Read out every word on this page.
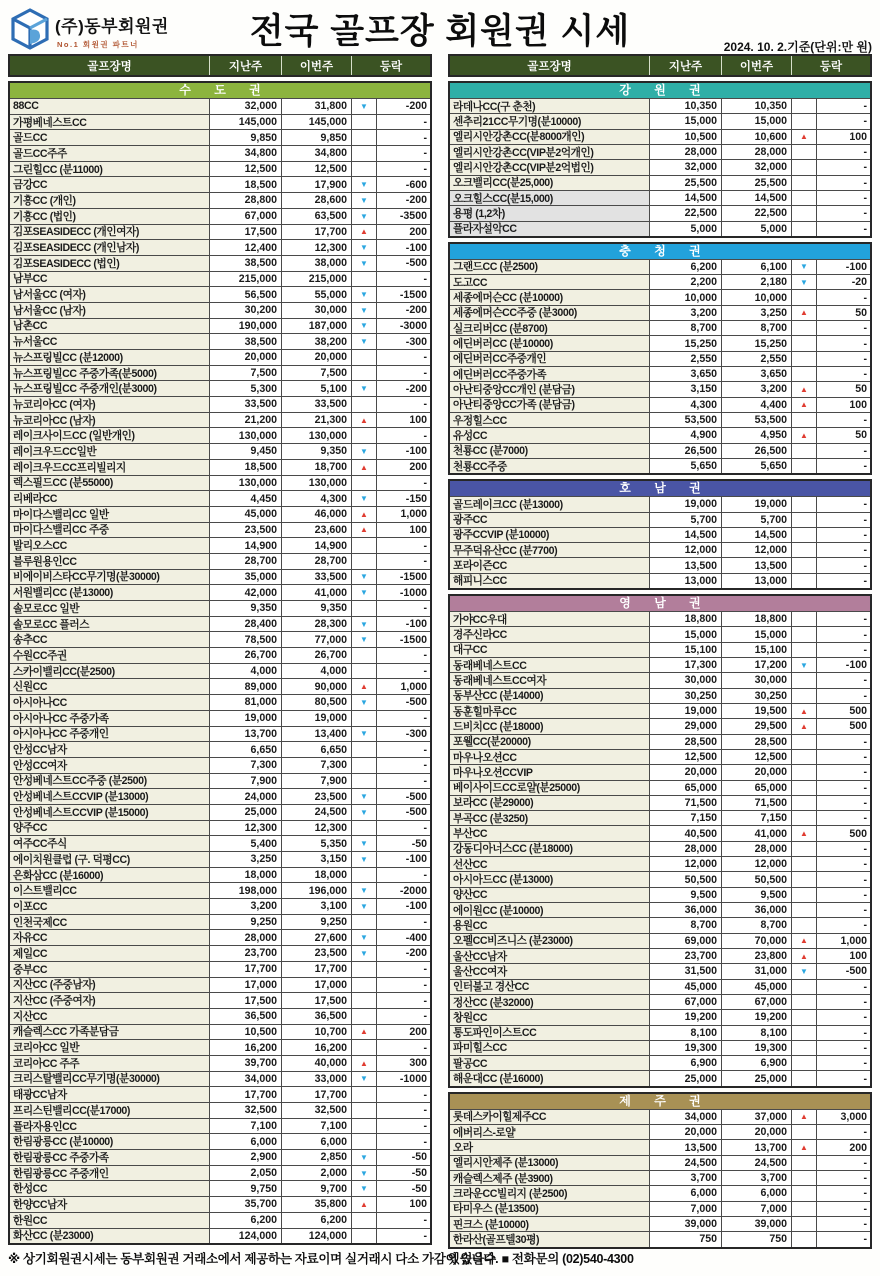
(주)동부회원권
No.1 회원권 파트너	전국 골프장 회원권 시세	2024. 10. 2.기준(단위:만 원)
골프장명	지난주	이번주	등락
수 도 권
88CC	32,000	31,800	▼	-200
가평베네스트CC	145,000	145,000	-
골드CC	9,850	9,850	-
골드CC주주	34,800	34,800	-
그린힐CC (분11000)	12,500	12,500	-
금강CC	18,500	17,900	▼	-600
기흥CC (개인)	28,800	28,600	▼	-200
기흥CC (법인)	67,000	63,500	▼	-3500
김포SEASIDECC (개인여자)	17,500	17,700	▲	200
김포SEASIDECC (개인남자)	12,400	12,300	▼	-100
김포SEASIDECC (법인)	38,500	38,000	▼	-500
남부CC	215,000	215,000	-
남서울CC (여자)	56,500	55,000	▼	-1500
남서울CC (남자)	30,200	30,000	▼	-200
남촌CC	190,000	187,000	▼	-3000
뉴서울CC	38,500	38,200	▼	-300
뉴스프링빌CC (분12000)	20,000	20,000	-
뉴스프링빌CC 주중가족(분5000)	7,500	7,500	-
뉴스프링빌CC 주중개인(분3000)	5,300	5,100	▼	-200
뉴코리아CC (여자)	33,500	33,500	-
뉴코리아CC (남자)	21,200	21,300	▲	100
레이크사이드CC (일반개인)	130,000	130,000	-
레이크우드CC일반	9,450	9,350	▼	-100
레이크우드CC프리빌리지	18,500	18,700	▲	200
렉스필드CC (분55000)	130,000	130,000	-
리베라CC	4,450	4,300	▼	-150
마이다스밸리CC 일반	45,000	46,000	▲	1,000
마이다스밸리CC 주중	23,500	23,600	▲	100
발리오스CC	14,900	14,900	-
블루원용인CC	28,700	28,700	-
비에이비스타CC무기명(분30000)	35,000	33,500	▼	-1500
서원밸리CC (분13000)	42,000	41,000	▼	-1000
솔모로CC 일반	9,350	9,350	-
솔모로CC 플러스	28,400	28,300	▼	-100
송추CC	78,500	77,000	▼	-1500
수원CC주권	26,700	26,700	-
스카이밸리CC(분2500)	4,000	4,000	-
신원CC	89,000	90,000	▲	1,000
아시아나CC	81,000	80,500	▼	-500
아시아나CC 주중가족	19,000	19,000	-
아시아나CC 주중개인	13,700	13,400	▼	-300
안성CC남자	6,650	6,650	-
안성CC여자	7,300	7,300	-
안성베네스트CC주중 (분2500)	7,900	7,900	-
안성베네스트CCVIP (분13000)	24,000	23,500	▼	-500
안성베네스트CCVIP (분15000)	25,000	24,500	▼	-500
양주CC	12,300	12,300	-
여주CC주식	5,400	5,350	▼	-50
에이치원클럽 (구. 덕평CC)	3,250	3,150	▼	-100
은화삼CC (분16000)	18,000	18,000	-
이스트밸리CC	198,000	196,000	▼	-2000
이포CC	3,200	3,100	▼	-100
인천국제CC	9,250	9,250	-
자유CC	28,000	27,600	▼	-400
제일CC	23,700	23,500	▼	-200
중부CC	17,700	17,700	-
지산CC (주중남자)	17,000	17,000	-
지산CC (주중여자)	17,500	17,500	-
지산CC	36,500	36,500	-
캐슬렉스CC 가족분담금	10,500	10,700	▲	200
코리아CC 일반	16,200	16,200	-
코리아CC 주주	39,700	40,000	▲	300
크리스탈밸리CC무기명(분30000)	34,000	33,000	▼	-1000
태광CC남자	17,700	17,700	-
프리스틴밸리CC(분17000)	32,500	32,500	-
플라자용인CC	7,100	7,100	-
한림광릉CC (분10000)	6,000	6,000	-
한림광릉CC 주중가족	2,900	2,850	▼	-50
한림광릉CC 주중개인	2,050	2,000	▼	-50
한성CC	9,750	9,700	▼	-50
한양CC남자	35,700	35,800	▲	100
한원CC	6,200	6,200	-
화산CC (분23000)	124,000	124,000	-
골프장명	지난주	이번주	등락
강 원 권
라데나CC(구 춘천)	10,350	10,350	-
센추리21CC무기명(분10000)	15,000	15,000	-
엘리시안강촌CC(분8000개인)	10,500	10,600	▲	100
엘리시안강촌CC(VIP분2억개인)	28,000	28,000	-
엘리시안강촌CC(VIP분2억법인)	32,000	32,000	-
오크밸리CC(분25,000)	25,500	25,500	-
오크힐스CC(분15,000)	14,500	14,500	-
용평 (1,2차)	22,500	22,500	-
플라자설악CC	5,000	5,000	-
충 청 권
그랜드CC (분2500)	6,200	6,100	▼	-100
도고CC	2,200	2,180	▼	-20
세종에머슨CC (분10000)	10,000	10,000	-
세종에머슨CC주중 (분3000)	3,200	3,250	▲	50
실크리버CC (분8700)	8,700	8,700	-
에딘버러CC (분10000)	15,250	15,250	-
에딘버러CC주중개인	2,550	2,550	-
에딘버러CC주중가족	3,650	3,650	-
아난티중앙CC개인 (분담금)	3,150	3,200	▲	50
아난티중앙CC가족 (분담금)	4,300	4,400	▲	100
우정힐스CC	53,500	53,500	-
유성CC	4,900	4,950	▲	50
천룡CC (분7000)	26,500	26,500	-
천룡CC주중	5,650	5,650	-
호 남 권
골드레이크CC (분13000)	19,000	19,000	-
광주CC	5,700	5,700	-
광주CCVIP (분10000)	14,500	14,500	-
무주덕유산CC (분7700)	12,000	12,000	-
포라이즌CC	13,500	13,500	-
해피니스CC	13,000	13,000	-
영 남 권
가야CC우대	18,800	18,800	-
경주신라CC	15,000	15,000	-
대구CC	15,100	15,100	-
동래베네스트CC	17,300	17,200	▼	-100
동래베네스트CC여자	30,000	30,000	-
동부산CC (분14000)	30,250	30,250	-
동훈힐마루CC	19,000	19,500	▲	500
드비치CC (분18000)	29,000	29,500	▲	500
포웰CC(분20000)	28,500	28,500	-
마우나오션CC	12,500	12,500	-
마우나오션CCVIP	20,000	20,000	-
베이사이드CC로얄(분25000)	65,000	65,000	-
보라CC (분29000)	71,500	71,500	-
부곡CC (분3250)	7,150	7,150	-
부산CC	40,500	41,000	▲	500
강동디아너스CC (분18000)	28,000	28,000	-
선산CC	12,000	12,000	-
아시아드CC (분13000)	50,500	50,500	-
양산CC	9,500	9,500	-
에이원CC (분10000)	36,000	36,000	-
용원CC	8,700	8,700	-
오펠CC비즈니스 (분23000)	69,000	70,000	▲	1,000
울산CC남자	23,700	23,800	▲	100
울산CC여자	31,500	31,000	▼	-500
인터불고 경산CC	45,000	45,000	-
정산CC (분32000)	67,000	67,000	-
창원CC	19,200	19,200	-
통도파인이스트CC	8,100	8,100	-
파미힐스CC	19,300	19,300	-
팔공CC	6,900	6,900	-
해운대CC (분16000)	25,000	25,000	-
제 주 권
롯데스카이힐제주CC	34,000	37,000	▲	3,000
에버리스-로얄	20,000	20,000	-
오라	13,500	13,700	▲	200
엘리시안제주 (분13000)	24,500	24,500	-
캐슬렉스제주 (분3900)	3,700	3,700	-
크라운CC빌리지 (분2500)	6,000	6,000	-
타미우스 (분13500)	7,000	7,000	-
핀크스 (분10000)	39,000	39,000	-
한라산(골프텔30평)	750	750	-
※ 상기회원권시세는 동부회원권 거래소에서 제공하는 자료이며 실거래시 다소 가감이 있을수
있습니다. ■ 전화문의 (02)540-4300
